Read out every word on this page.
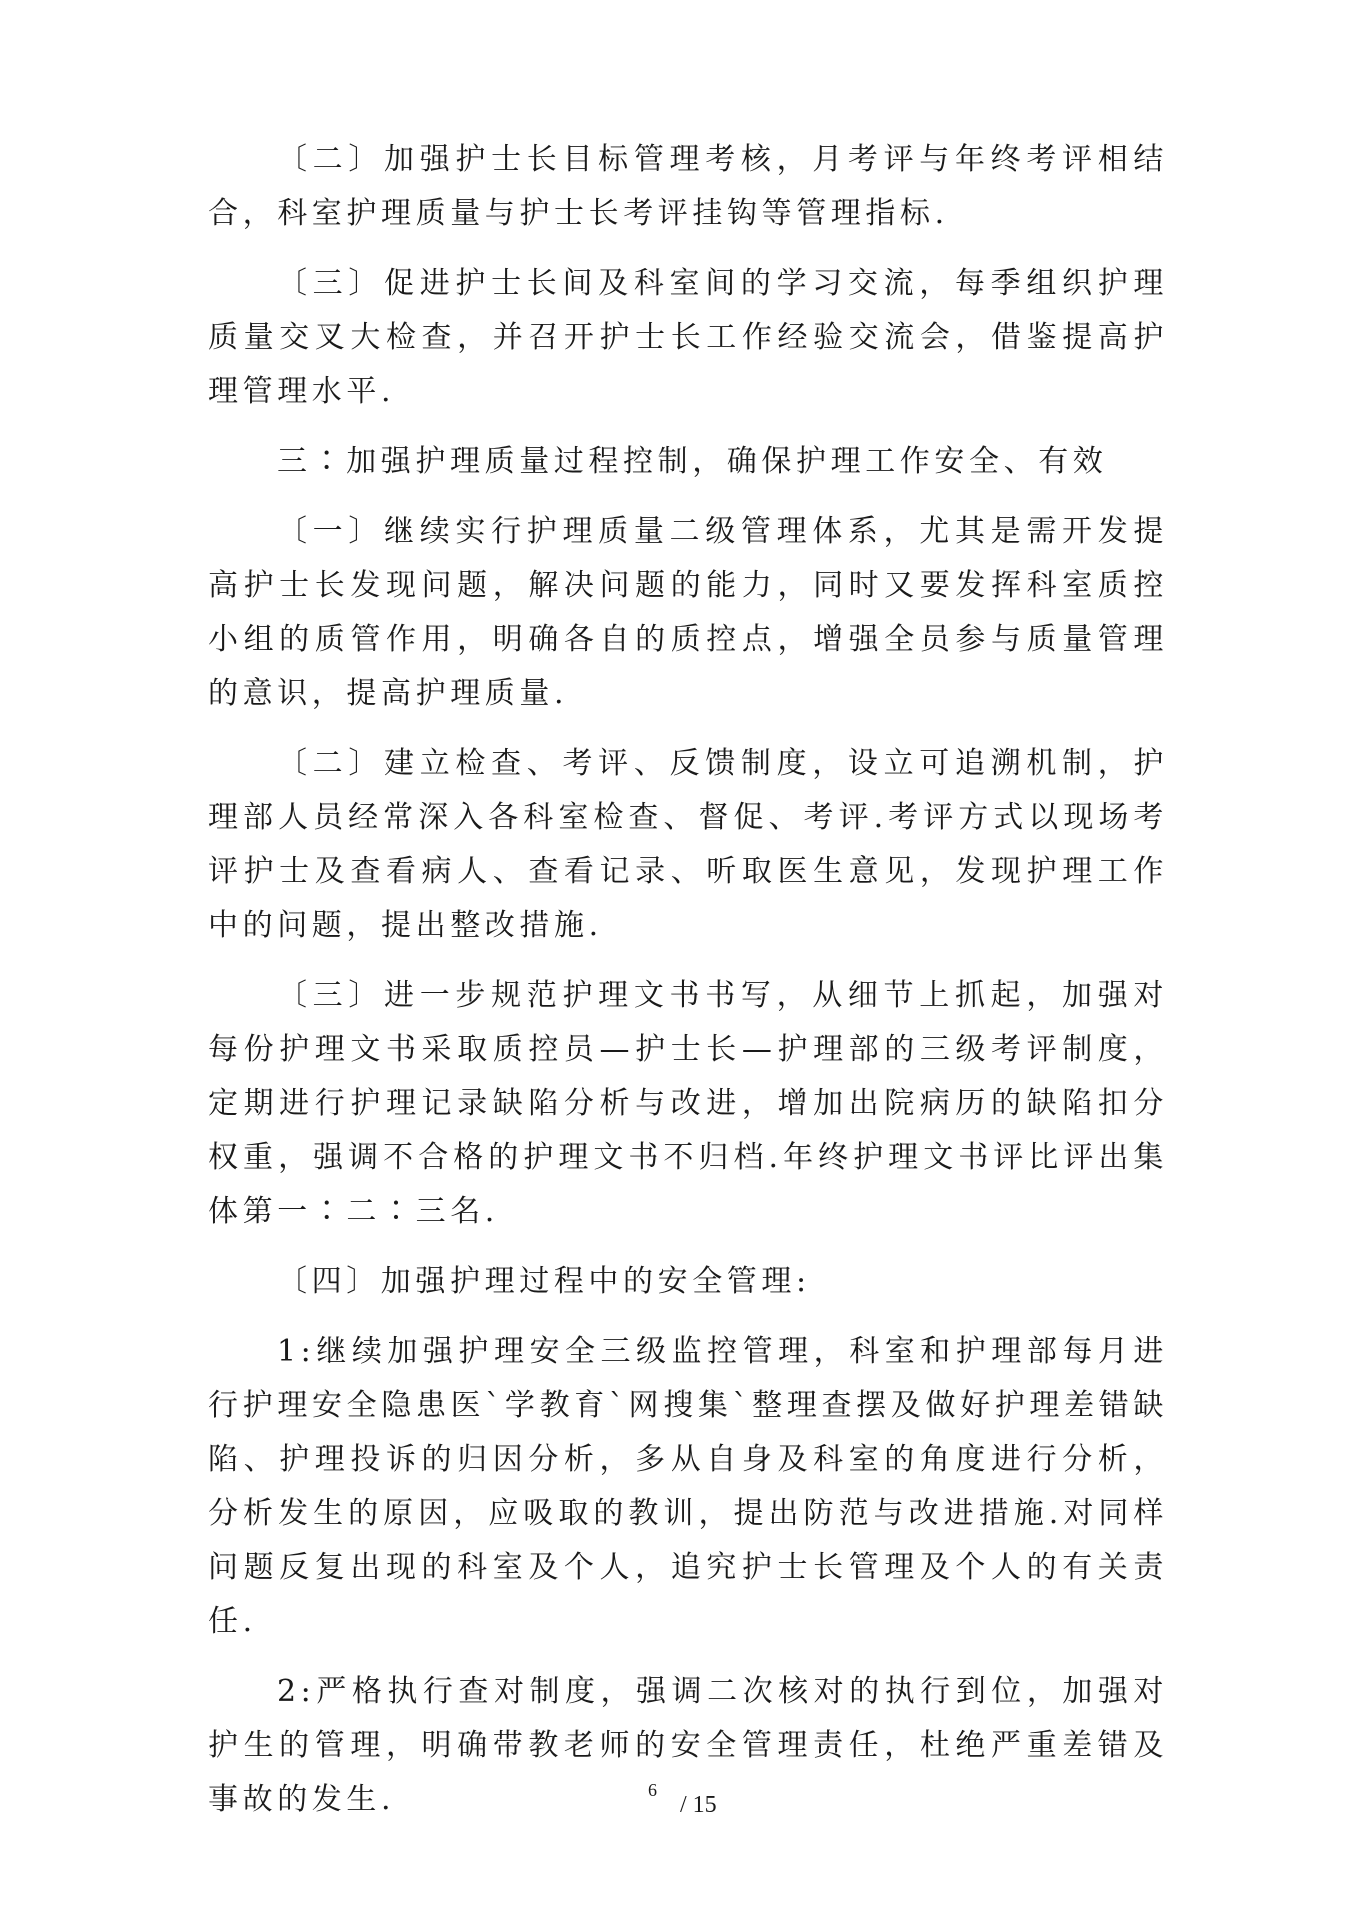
〔二〕加强护士长目标管理考核，月考评与年终考评相结合，科室护理质量与护士长考评挂钩等管理指标.

〔三〕促进护士长间及科室间的学习交流，每季组织护理质量交叉大检查，并召开护士长工作经验交流会，借鉴提高护理管理水平.

三∶加强护理质量过程控制，确保护理工作安全、有效

〔一〕继续实行护理质量二级管理体系，尤其是需开发提高护士长发现问题，解决问题的能力，同时又要发挥科室质控小组的质管作用，明确各自的质控点，增强全员参与质量管理的意识，提高护理质量.

〔二〕建立检查、考评、反馈制度，设立可追溯机制，护理部人员经常深入各科室检查、督促、考评.考评方式以现场考评护士及查看病人、查看记录、听取医生意见，发现护理工作中的问题，提出整改措施.

〔三〕进一步规范护理文书书写，从细节上抓起，加强对每份护理文书采取质控员—护士长—护理部的三级考评制度，定期进行护理记录缺陷分析与改进，增加出院病历的缺陷扣分权重，强调不合格的护理文书不归档.年终护理文书评比评出集体第一∶二∶三名.

〔四〕加强护理过程中的安全管理:

1:继续加强护理安全三级监控管理，科室和护理部每月进行护理安全隐患医`学教育`网搜集`整理查摆及做好护理差错缺陷、护理投诉的归因分析，多从自身及科室的角度进行分析，分析发生的原因，应吸取的教训，提出防范与改进措施.对同样问题反复出现的科室及个人，追究护士长管理及个人的有关责任.

2:严格执行查对制度，强调二次核对的执行到位，加强对护生的管理，明确带教老师的安全管理责任，杜绝严重差错及事故的发生.	6
/ 15
